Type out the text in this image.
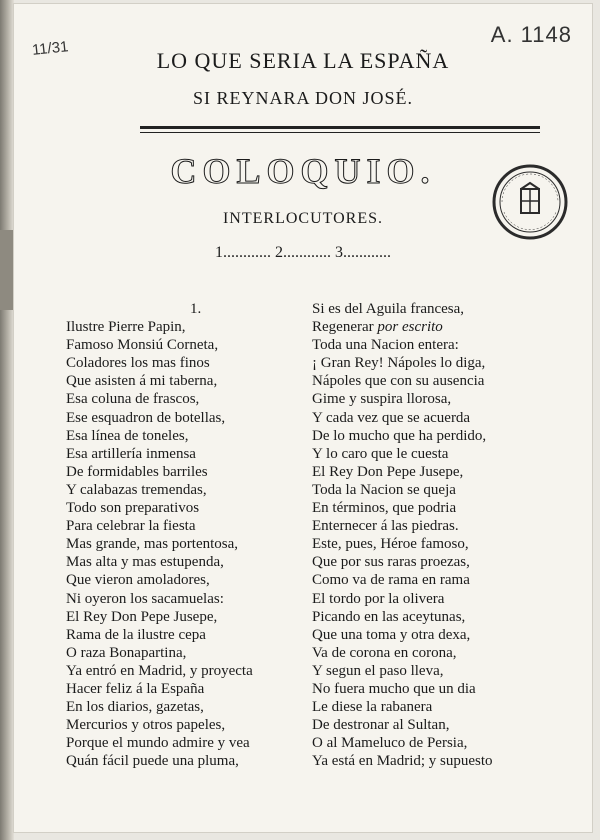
11/31
A. 1148
LO QUE SERIA LA ESPAÑA
SI REYNARA DON JOSÉ.
COLOQUIO.
INTERLOCUTORES.
1............ 2............ 3............
1.
Ilustre Pierre Papin,
Famoso Monsiú Corneta,
Coladores los mas finos
Que asisten á mi taberna,
Esa coluna de frascos,
Ese esquadron de botellas,
Esa línea de toneles,
Esa artillería inmensa
De formidables barriles
Y calabazas tremendas,
Todo son preparativos
Para celebrar la fiesta
Mas grande, mas portentosa,
Mas alta y mas estupenda,
Que vieron amoladores,
Ni oyeron los sacamuelas:
El Rey Don Pepe Jusepe,
Rama de la ilustre cepa
O raza Bonapartina,
Ya entró en Madrid, y proyecta
Hacer feliz á la España
En los diarios, gazetas,
Mercurios y otros papeles,
Porque el mundo admire y vea
Quán fácil puede una pluma,
Si es del Aguila francesa,
Regenerar por escrito
Toda una Nacion entera:
¡ Gran Rey! Nápoles lo diga,
Nápoles que con su ausencia
Gime y suspira llorosa,
Y cada vez que se acuerda
De lo mucho que ha perdido,
Y lo caro que le cuesta
El Rey Don Pepe Jusepe,
Toda la Nacion se queja
En términos, que podria
Enternecer á las piedras.
Este, pues, Héroe famoso,
Que por sus raras proezas,
Como va de rama en rama
El tordo por la olivera
Picando en las aceytunas,
Que una toma y otra dexa,
Va de corona en corona,
Y segun el paso lleva,
No fuera mucho que un dia
Le diese la rabanera
De destronar al Sultan,
O al Mameluco de Persia,
Ya está en Madrid; y supuesto
